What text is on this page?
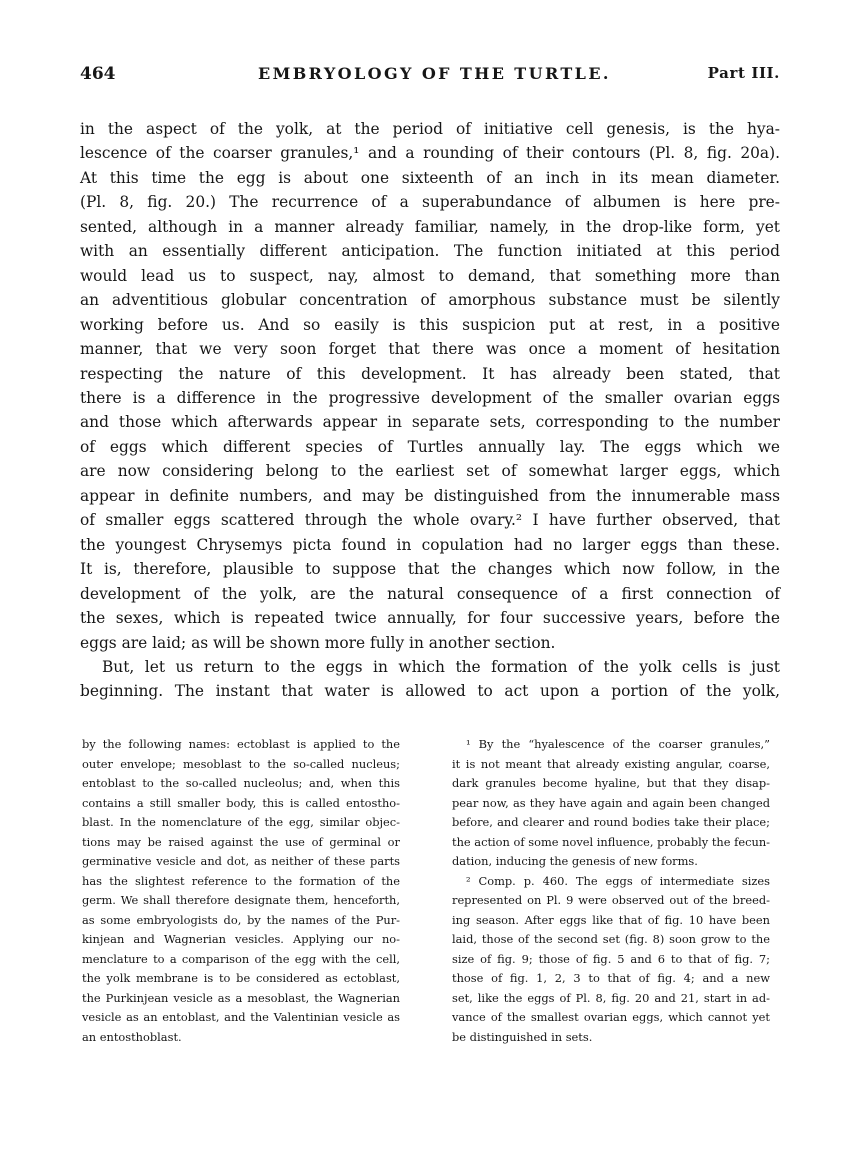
464	EMBRYOLOGY OF THE TURTLE.	Part III.
in the aspect of the yolk, at the period of initiative cell genesis, is the hya-
lescence of the coarser granules,¹ and a rounding of their contours (Pl. 8, fig. 20a).
At this time the egg is about one sixteenth of an inch in its mean diameter.
(Pl. 8, fig. 20.) The recurrence of a superabundance of albumen is here pre-
sented, although in a manner already familiar, namely, in the drop-like form, yet
with an essentially different anticipation. The function initiated at this period
would lead us to suspect, nay, almost to demand, that something more than
an adventitious globular concentration of amorphous substance must be silently
working before us. And so easily is this suspicion put at rest, in a positive
manner, that we very soon forget that there was once a moment of hesitation
respecting the nature of this development. It has already been stated, that
there is a difference in the progressive development of the smaller ovarian eggs
and those which afterwards appear in separate sets, corresponding to the number
of eggs which different species of Turtles annually lay. The eggs which we
are now considering belong to the earliest set of somewhat larger eggs, which
appear in definite numbers, and may be distinguished from the innumerable mass
of smaller eggs scattered through the whole ovary.² I have further observed, that
the youngest Chrysemys picta found in copulation had no larger eggs than these.
It is, therefore, plausible to suppose that the changes which now follow, in the
development of the yolk, are the natural consequence of a first connection of
the sexes, which is repeated twice annually, for four successive years, before the
eggs are laid; as will be shown more fully in another section.
But, let us return to the eggs in which the formation of the yolk cells is just
beginning. The instant that water is allowed to act upon a portion of the yolk,
by the following names: ectoblast is applied to the
outer envelope; mesoblast to the so-called nucleus;
entoblast to the so-called nucleolus; and, when this
contains a still smaller body, this is called entostho-
blast. In the nomenclature of the egg, similar objec-
tions may be raised against the use of germinal or
germinative vesicle and dot, as neither of these parts
has the slightest reference to the formation of the
germ. We shall therefore designate them, henceforth,
as some embryologists do, by the names of the Pur-
kinjean and Wagnerian vesicles. Applying our no-
menclature to a comparison of the egg with the cell,
the yolk membrane is to be considered as ectoblast,
the Purkinjean vesicle as a mesoblast, the Wagnerian
vesicle as an entoblast, and the Valentinian vesicle as
an entosthoblast.
¹ By the “hyalescence of the coarser granules,”
it is not meant that already existing angular, coarse,
dark granules become hyaline, but that they disap-
pear now, as they have again and again been changed
before, and clearer and round bodies take their place;
the action of some novel influence, probably the fecun-
dation, inducing the genesis of new forms.
² Comp. p. 460. The eggs of intermediate sizes
represented on Pl. 9 were observed out of the breed-
ing season. After eggs like that of fig. 10 have been
laid, those of the second set (fig. 8) soon grow to the
size of fig. 9; those of fig. 5 and 6 to that of fig. 7;
those of fig. 1, 2, 3 to that of fig. 4; and a new
set, like the eggs of Pl. 8, fig. 20 and 21, start in ad-
vance of the smallest ovarian eggs, which cannot yet
be distinguished in sets.
